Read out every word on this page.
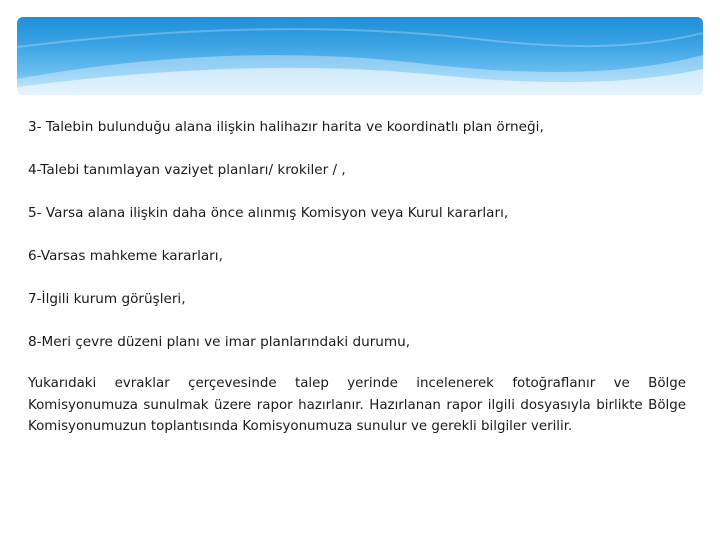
3- Talebin bulunduğu alana ilişkin halihazır harita ve koordinatlı plan örneği,

4-Talebi tanımlayan vaziyet planları/ krokiler / ,

5- Varsa alana ilişkin daha önce alınmış Komisyon veya Kurul kararları,

6-Varsas mahkeme kararları,

7-İlgili kurum görüşleri,

8-Meri çevre düzeni planı ve imar planlarındaki durumu,

Yukarıdaki evraklar çerçevesinde talep yerinde incelenerek fotoğraflanır ve Bölge Komisyonumuza sunulmak üzere rapor hazırlanır. Hazırlanan rapor ilgili dosyasıyla birlikte Bölge Komisyonumuzun toplantısında Komisyonumuza sunulur ve gerekli bilgiler verilir.
